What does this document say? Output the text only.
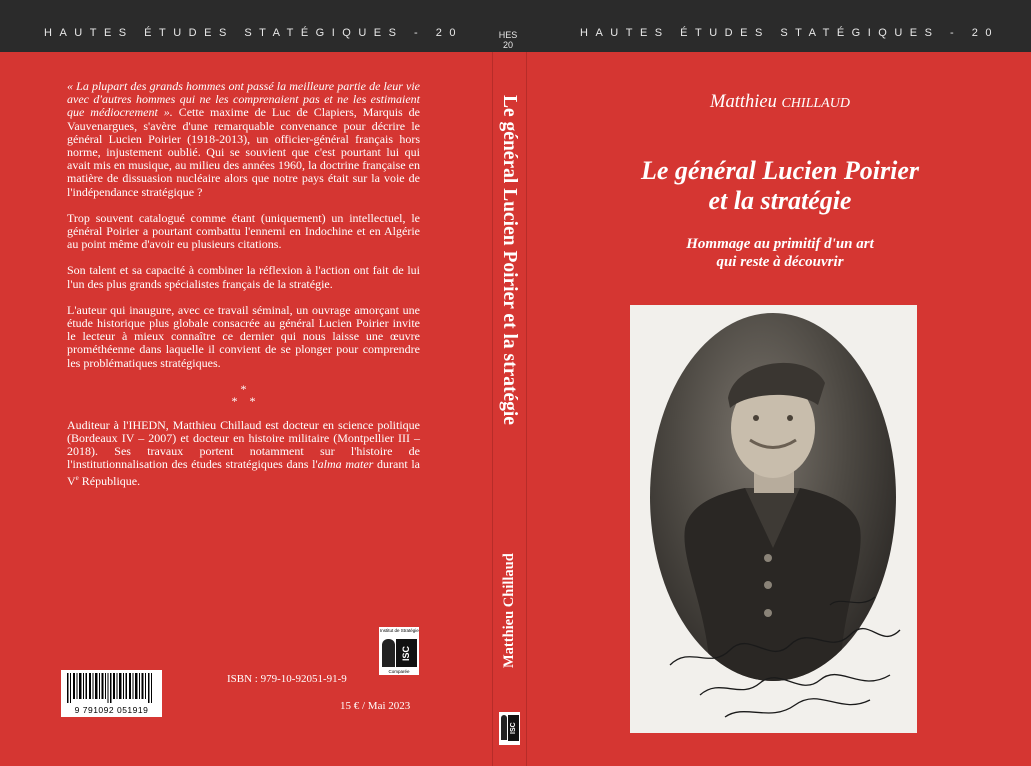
HAUTES ÉTUDES STATÉGIQUES - 20	HAUTES ÉTUDES STATÉGIQUES - 20
HES
20

« La plupart des grands hommes ont passé la meilleure partie de leur vie avec d'autres hommes qui ne les comprenaient pas et ne les estimaient que médiocrement ». Cette maxime de Luc de Clapiers, Marquis de Vauvenargues, s'avère d'une remarquable convenance pour décrire le général Lucien Poirier (1918-2013), un officier-général français hors norme, injustement oublié. Qui se souvient que c'est pourtant lui qui avait mis en musique, au milieu des années 1960, la doctrine française en matière de dissuasion nucléaire alors que notre pays était sur la voie de l'indépendance stratégique ?

Trop souvent catalogué comme étant (uniquement) un intellectuel, le général Poirier a pourtant combattu l'ennemi en Indochine et en Algérie au point même d'avoir eu plusieurs citations.

Son talent et sa capacité à combiner la réflexion à l'action ont fait de lui l'un des plus grands spécialistes français de la stratégie.

L'auteur qui inaugure, avec ce travail séminal, un ouvrage amorçant une étude historique plus globale consacrée au général Lucien Poirier invite le lecteur à mieux connaître ce dernier qui nous laisse une œuvre prométhéenne dans laquelle il convient de se plonger pour comprendre les problématiques stratégiques.

*
*    *

Auditeur à l'IHEDN, Matthieu Chillaud est docteur en science politique (Bordeaux IV – 2007) et docteur en histoire militaire (Montpellier III – 2018). Ses travaux portent notamment sur l'histoire de l'institutionnalisation des études stratégiques dans l'alma mater durant la Ve République.

Institut de Stratégie
ISC
Comparée
ISBN : 979-10-92051-91-9
15 € / Mai 2023
9 791092 051919
Le général Lucien Poirier et la stratégie
Matthieu Chillaud
ISC
Matthieu CHILLAUD
Le général Lucien Poirier
et la stratégie
Hommage au primitif d'un art
qui reste à découvrir
